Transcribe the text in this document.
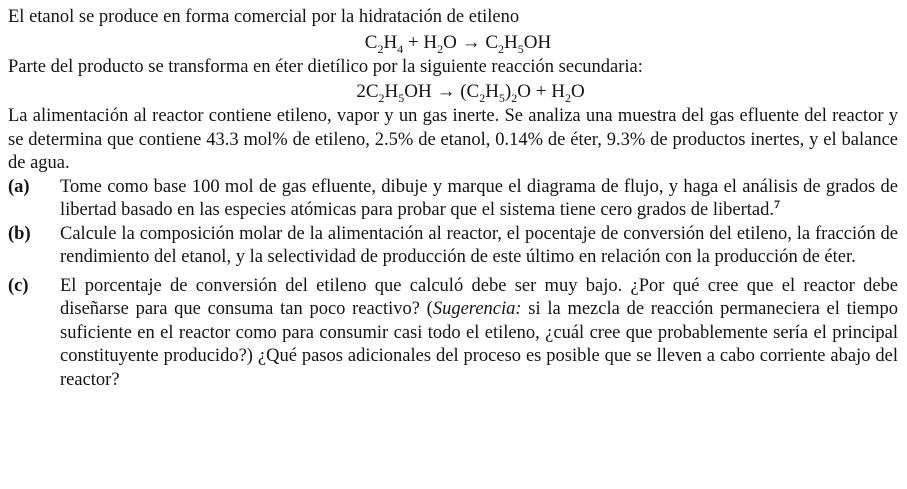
El etanol se produce en forma comercial por la hidratación de etileno

$C_2H_4 + H_2O \to C_2H_5OH$

Parte del producto se transforma en éter dietílico por la siguiente reacción secundaria:

$2C_2H_5OH \to (C_2H_5)_2O + H_2O$

La alimentación al reactor contiene etileno, vapor y un gas inerte. Se analiza una muestra del gas efluente del reactor y se determina que contiene 43.3 mol% de etileno, 2.5% de etanol, 0.14% de éter, 9.3% de productos inertes, y el balance de agua.

(a)	Tome como base 100 mol de gas efluente, dibuje y marque el diagrama de flujo, y haga el análisis de grados de libertad basado en las especies atómicas para probar que el sistema tiene cero grados de libertad.$^7$
(b)	Calcule la composición molar de la alimentación al reactor, el pocentaje de conversión del etileno, la fracción de rendimiento del etanol, y la selectividad de producción de este último en relación con la producción de éter.
(c)	El porcentaje de conversión del etileno que calculó debe ser muy bajo. ¿Por qué cree que el reactor debe diseñarse para que consuma tan poco reactivo? (Sugerencia: si la mezcla de reacción permaneciera el tiempo suficiente en el reactor como para consumir casi todo el etileno, ¿cuál cree que probablemente sería el principal constituyente producido?) ¿Qué pasos adicionales del proceso es posible que se lleven a cabo corriente abajo del reactor?
